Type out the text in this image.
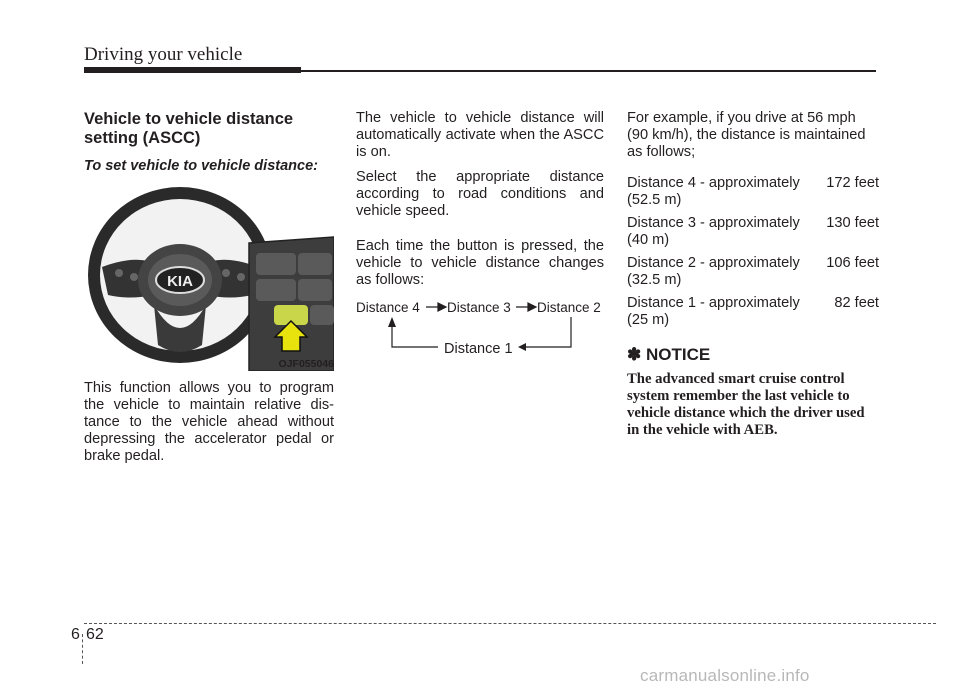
Driving your vehicle
Vehicle to vehicle distance setting (ASCC)

To set vehicle to vehicle distance:

KIA
OJF055046

This function allows you to program the vehicle to maintain relative dis-tance to the vehicle ahead without depressing the accelerator pedal or brake pedal.

The vehicle to vehicle distance will automatically activate when the ASCC is on.

Select the appropriate distance according to road conditions and vehicle speed.

Each time the button is pressed, the vehicle to vehicle distance changes as follows:

Distance 4 Distance 3 Distance 2
Distance 1

For example, if you drive at 56 mph (90 km/h), the distance is maintained as follows;

Distance 4 - approximately 172 feet

(52.5 m)

Distance 3 - approximately 130 feet

(40 m)

Distance 2 - approximately 106 feet

(32.5 m)

Distance 1 - approximately 82 feet

(25 m)

✽ NOTICE

The advanced smart cruise control system remember the last vehicle to vehicle distance which the driver used in the vehicle with AEB.

6 62
carmanualsonline.info
